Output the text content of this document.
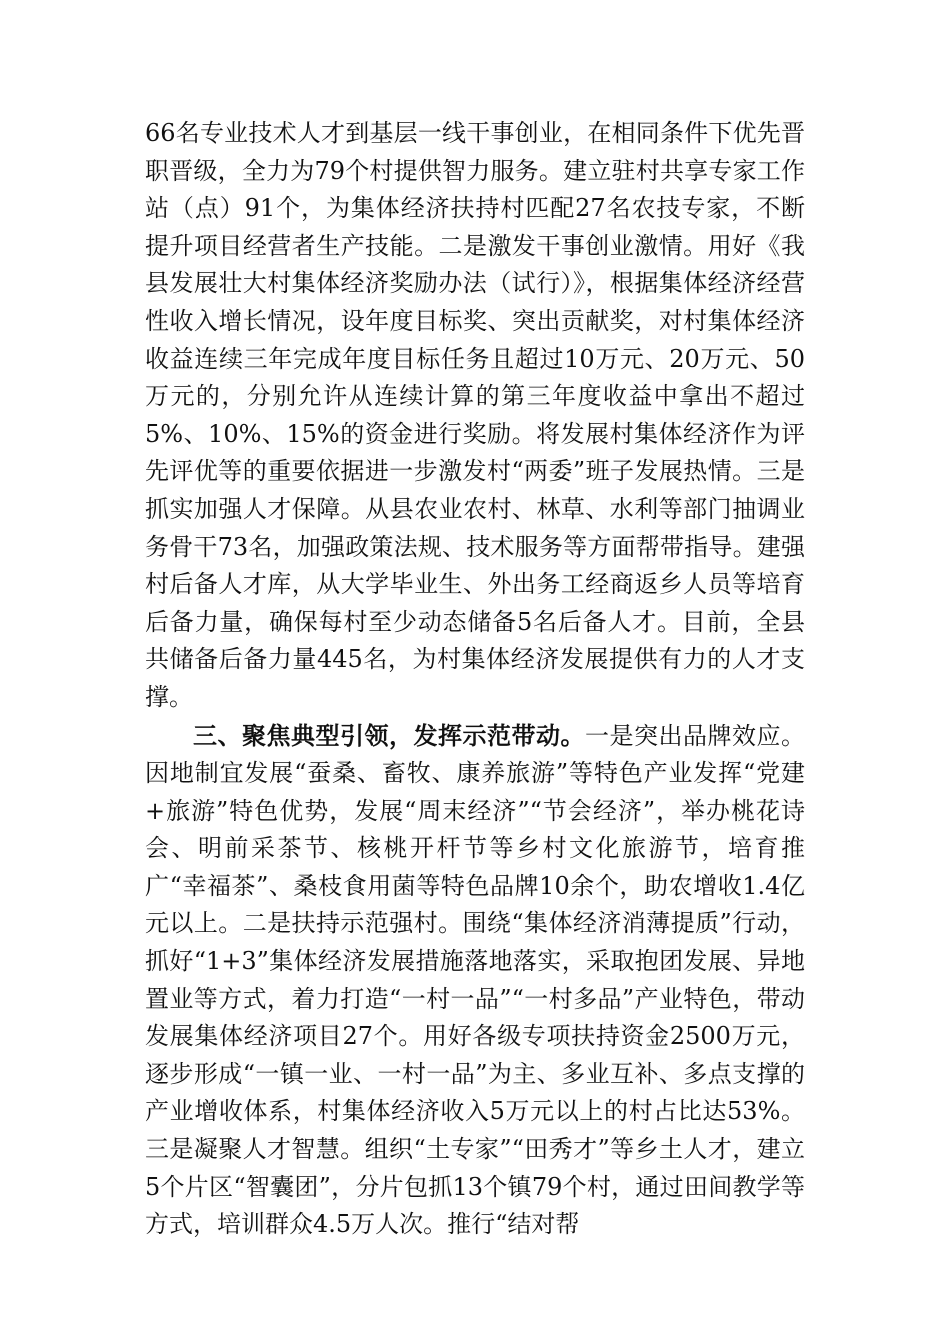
66名专业技术人才到基层一线干事创业，在相同条件下优先晋职晋级，全力为79个村提供智力服务。建立驻村共享专家工作站（点）91个，为集体经济扶持村匹配27名农技专家，不断提升项目经营者生产技能。二是激发干事创业激情。用好《我县发展壮大村集体经济奖励办法（试行）》，根据集体经济经营性收入增长情况，设年度目标奖、突出贡献奖，对村集体经济收益连续三年完成年度目标任务且超过10万元、20万元、50万元的，分别允许从连续计算的第三年度收益中拿出不超过5%、10%、15%的资金进行奖励。将发展村集体经济作为评先评优等的重要依据进一步激发村“两委”班子发展热情。三是抓实加强人才保障。从县农业农村、林草、水利等部门抽调业务骨干73名，加强政策法规、技术服务等方面帮带指导。建强村后备人才库，从大学毕业生、外出务工经商返乡人员等培育后备力量，确保每村至少动态储备5名后备人才。目前，全县共储备后备力量445名，为村集体经济发展提供有力的人才支撑。

三、聚焦典型引领，发挥示范带动。一是突出品牌效应。因地制宜发展“蚕桑、畜牧、康养旅游”等特色产业发挥“党建+旅游”特色优势，发展“周末经济”“节会经济”，举办桃花诗会、明前采茶节、核桃开杆节等乡村文化旅游节，培育推广“幸福茶”、桑枝食用菌等特色品牌10余个，助农增收1.4亿元以上。二是扶持示范强村。围绕“集体经济消薄提质”行动，抓好“1+3”集体经济发展措施落地落实，采取抱团发展、异地置业等方式，着力打造“一村一品”“一村多品”产业特色，带动发展集体经济项目27个。用好各级专项扶持资金2500万元，逐步形成“一镇一业、一村一品”为主、多业互补、多点支撑的产业增收体系，村集体经济收入5万元以上的村占比达53%。三是凝聚人才智慧。组织“土专家”“田秀才”等乡土人才，建立5个片区“智囊团”，分片包抓13个镇79个村，通过田间教学等方式，培训群众4.5万人次。推行“结对帮
